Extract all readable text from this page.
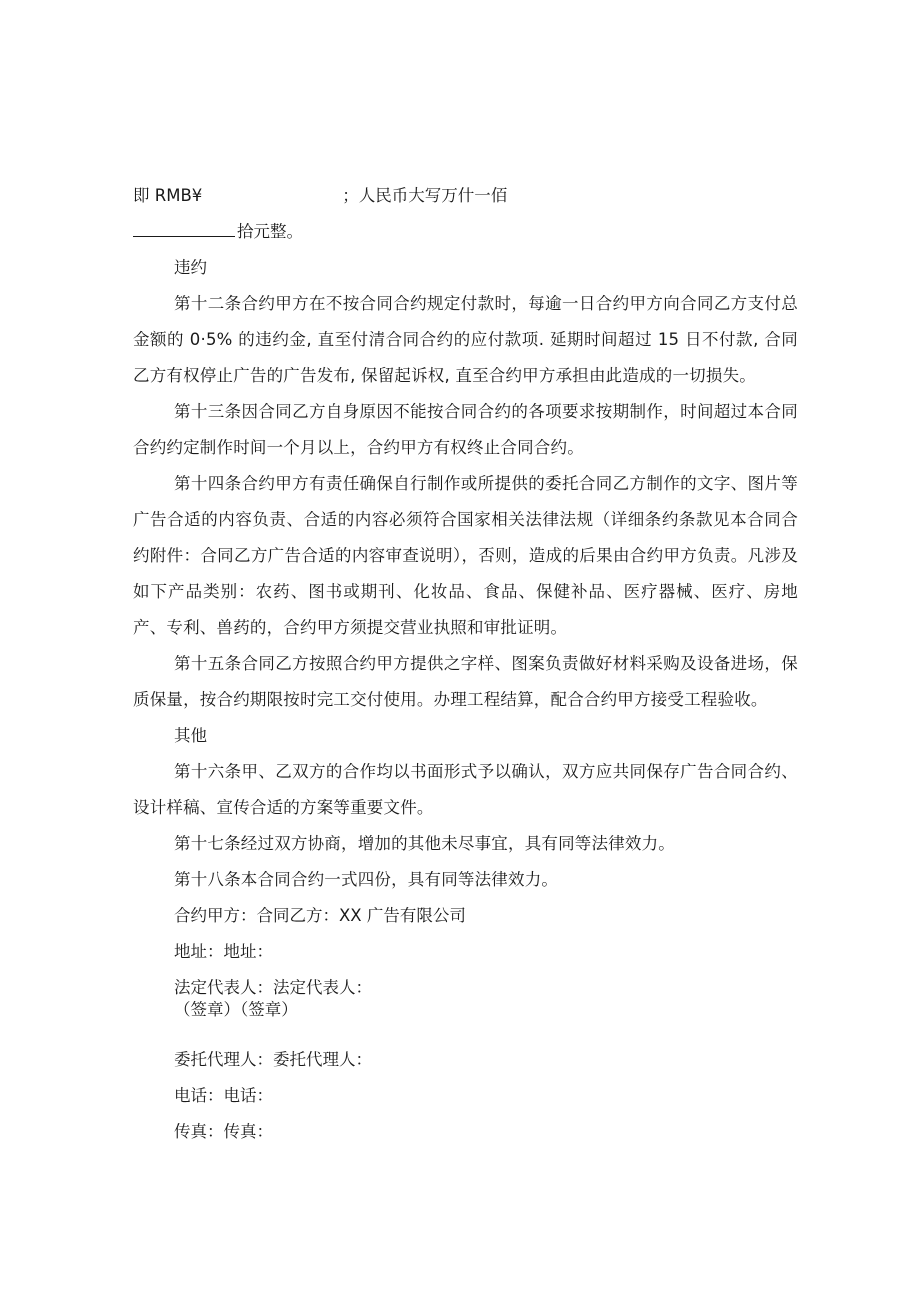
即 RMB¥	；人民币大写万什一佰
拾元整。
违约

第十二条合约甲方在不按合同合约规定付款时，每逾一日合约甲方向合同乙方支付总金额的 0·5% 的违约金, 直至付清合同合约的应付款项. 延期时间超过 15 日不付款, 合同乙方有权停止广告的广告发布, 保留起诉权, 直至合约甲方承担由此造成的一切损失。

第十三条因合同乙方自身原因不能按合同合约的各项要求按期制作，时间超过本合同合约约定制作时间一个月以上，合约甲方有权终止合同合约。

第十四条合约甲方有责任确保自行制作或所提供的委托合同乙方制作的文字、图片等广告合适的内容负责、合适的内容必须符合国家相关法律法规（详细条约条款见本合同合约附件：合同乙方广告合适的内容审查说明），否则，造成的后果由合约甲方负责。凡涉及如下产品类别：农药、图书或期刊、化妆品、食品、保健补品、医疗器械、医疗、房地产、专利、兽药的，合约甲方须提交营业执照和审批证明。

第十五条合同乙方按照合约甲方提供之字样、图案负责做好材料采购及设备进场，保质保量，按合约期限按时完工交付使用。办理工程结算，配合合约甲方接受工程验收。

其他

第十六条甲、乙双方的合作均以书面形式予以确认，双方应共同保存广告合同合约、设计样稿、宣传合适的方案等重要文件。

第十七条经过双方协商，增加的其他未尽事宜，具有同等法律效力。

第十八条本合同合约一式四份，具有同等法律效力。

合约甲方：合同乙方：XX 广告有限公司
地址：地址：
法定代表人：法定代表人：
（签章）（签章）
委托代理人：委托代理人：
电话：电话：
传真：传真：
